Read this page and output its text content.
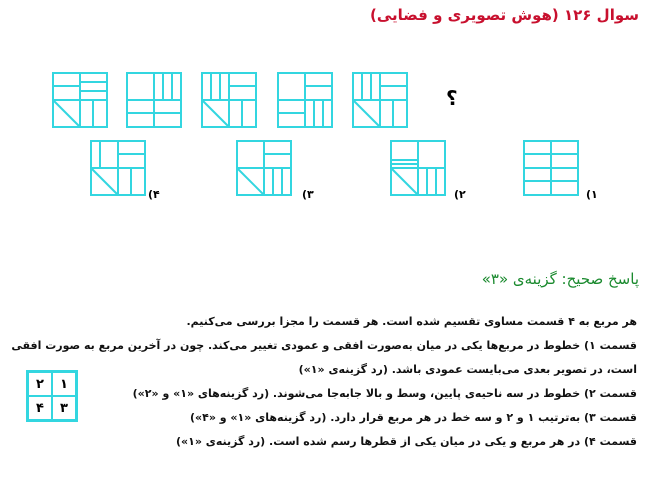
سوال ۱۲۶ (هوش تصویری و فضایی)
؟
۴)	۳)	۲)	۱)
پاسخ صحیح: گزینه‌ی «۳»
هر مربع به ۴ قسمت مساوی تقسیم شده است. هر قسمت را مجزا بررسی می‌کنیم.
قسمت ۱) خطوط در مربع‌ها یکی در میان به‌صورت افقی و عمودی تغییر می‌کند. چون در آخرین مربع به صورت افقی
است، در تصویر بعدی می‌بایست عمودی باشد. (رد گزینه‌ی «۱»)
قسمت ۲) خطوط در سه ناحیه‌ی پایین، وسط و بالا جابه‌جا می‌شوند. (رد گزینه‌های «۱» و «۲»)
قسمت ۳) به‌ترتیب ۱ و ۲ و سه خط در هر مربع قرار دارد. (رد گزینه‌های «۱» و «۴»)
قسمت ۴) در هر مربع و یکی در میان یکی از قطرها رسم شده است. (رد گزینه‌ی «۱»)
۲	۱
۴	۳
